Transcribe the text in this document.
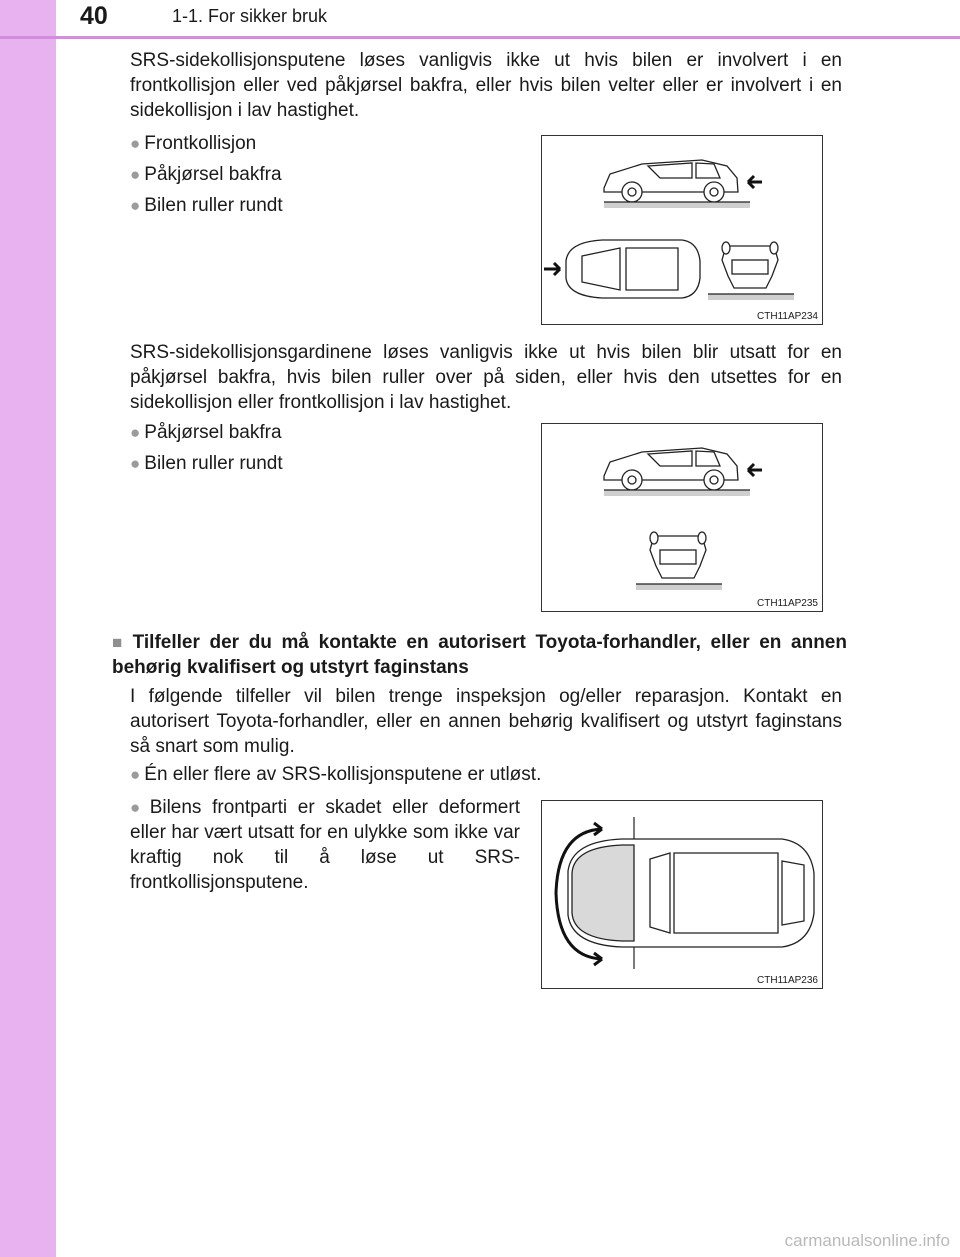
40	1-1. For sikker bruk
SRS-sidekollisjonsputene løses vanligvis ikke ut hvis bilen er involvert i en frontkollisjon eller ved påkjørsel bakfra, eller hvis bilen velter eller er involvert i en sidekollisjon i lav hastighet.
● Frontkollisjon
● Påkjørsel bakfra
● Bilen ruller rundt
CTH11AP234
SRS-sidekollisjonsgardinene løses vanligvis ikke ut hvis bilen blir utsatt for en påkjørsel bakfra, hvis bilen ruller over på siden, eller hvis den utsettes for en sidekollisjon eller frontkollisjon i lav hastighet.
● Påkjørsel bakfra
● Bilen ruller rundt
CTH11AP235
■ Tilfeller der du må kontakte en autorisert Toyota-forhandler, eller en annen behørig kvalifisert og utstyrt faginstans
I følgende tilfeller vil bilen trenge inspeksjon og/eller reparasjon. Kontakt en autorisert Toyota-forhandler, eller en annen behørig kvalifisert og utstyrt faginstans så snart som mulig.
● Én eller flere av SRS-kollisjonsputene er utløst.
● Bilens frontparti er skadet eller deformert eller har vært utsatt for en ulykke som ikke var kraftig nok til å løse ut SRS-frontkollisjonsputene.
CTH11AP236
carmanualsonline.info
